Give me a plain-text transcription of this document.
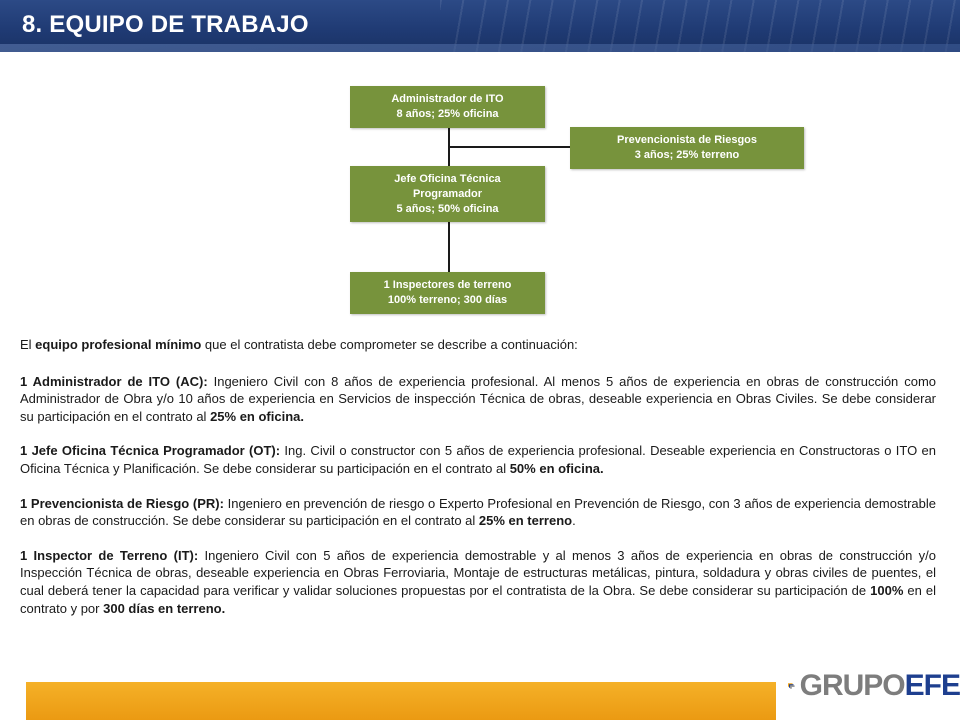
8. EQUIPO DE TRABAJO
Administrador de ITO
8 años; 25% oficina
Prevencionista de Riesgos
3 años; 25% terreno
Jefe Oficina Técnica
Programador
5 años; 50% oficina
1 Inspectores de terreno
100% terreno; 300 días

El equipo profesional mínimo que el contratista debe comprometer se describe a continuación:

1 Administrador de ITO (AC): Ingeniero Civil con 8 años de experiencia profesional. Al menos 5 años de experiencia en obras de construcción como Administrador de Obra y/o 10 años de experiencia en Servicios de inspección Técnica de obras, deseable experiencia en Obras Civiles. Se debe considerar su participación en el contrato al 25% en oficina.

1 Jefe Oficina Técnica Programador (OT): Ing. Civil o constructor con 5 años de experiencia profesional. Deseable experiencia en Constructoras o ITO en Oficina Técnica y Planificación. Se debe considerar su participación en el contrato al 50% en oficina.

1 Prevencionista de Riesgo (PR): Ingeniero en prevención de riesgo o Experto Profesional en Prevención de Riesgo, con 3 años de experiencia demostrable en obras de construcción. Se debe considerar su participación en el contrato al 25% en terreno.

1 Inspector de Terreno (IT): Ingeniero Civil con 5 años de experiencia demostrable y al menos 3 años de experiencia en obras de construcción y/o Inspección Técnica de obras, deseable experiencia en Obras Ferroviaria, Montaje de estructuras metálicas, pintura, soldadura y obras civiles de puentes, el cual deberá tener la capacidad para verificar y validar soluciones propuestas por el contratista de la Obra. Se debe considerar su participación de 100% en el contrato y por 300 días en terreno.

GRUPOEFE
